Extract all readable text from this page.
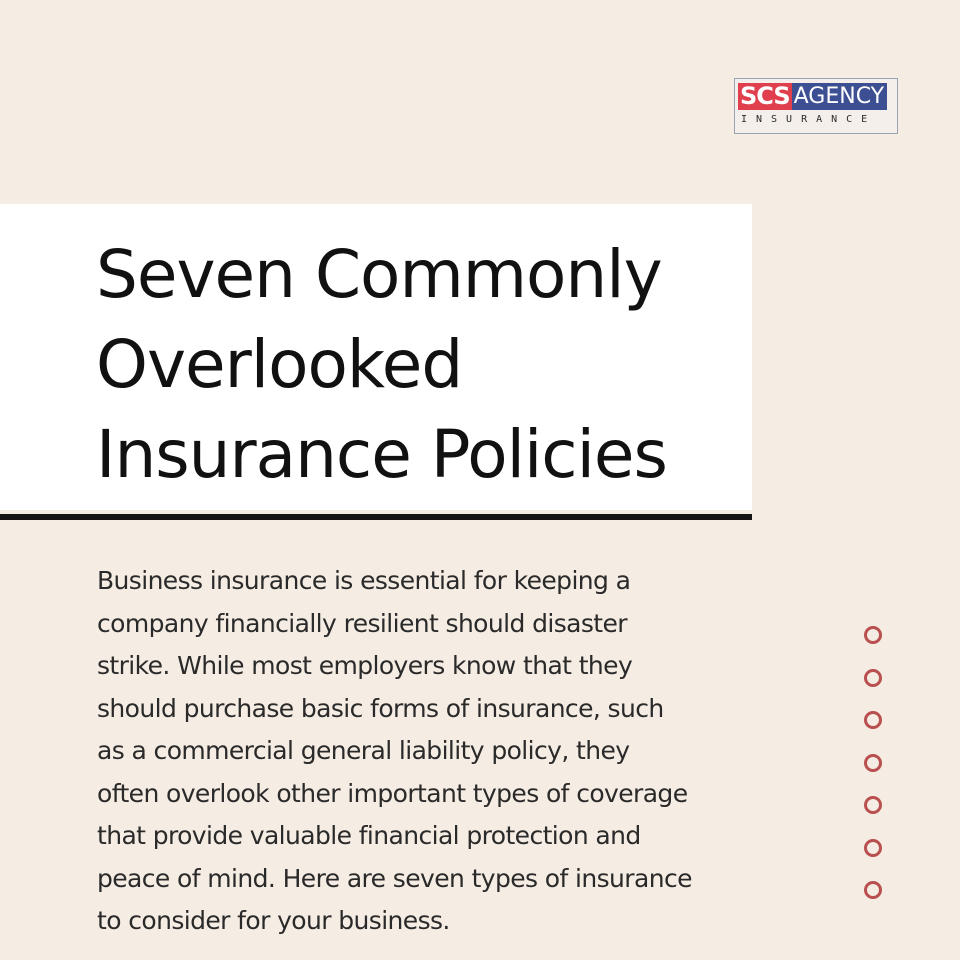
SCS AGENCY
INSURANCE
Seven Commonly
Overlooked
Insurance Policies

Business insurance is essential for keeping a
company financially resilient should disaster
strike. While most employers know that they
should purchase basic forms of insurance, such
as a commercial general liability policy, they
often overlook other important types of coverage
that provide valuable financial protection and
peace of mind. Here are seven types of insurance
to consider for your business.
